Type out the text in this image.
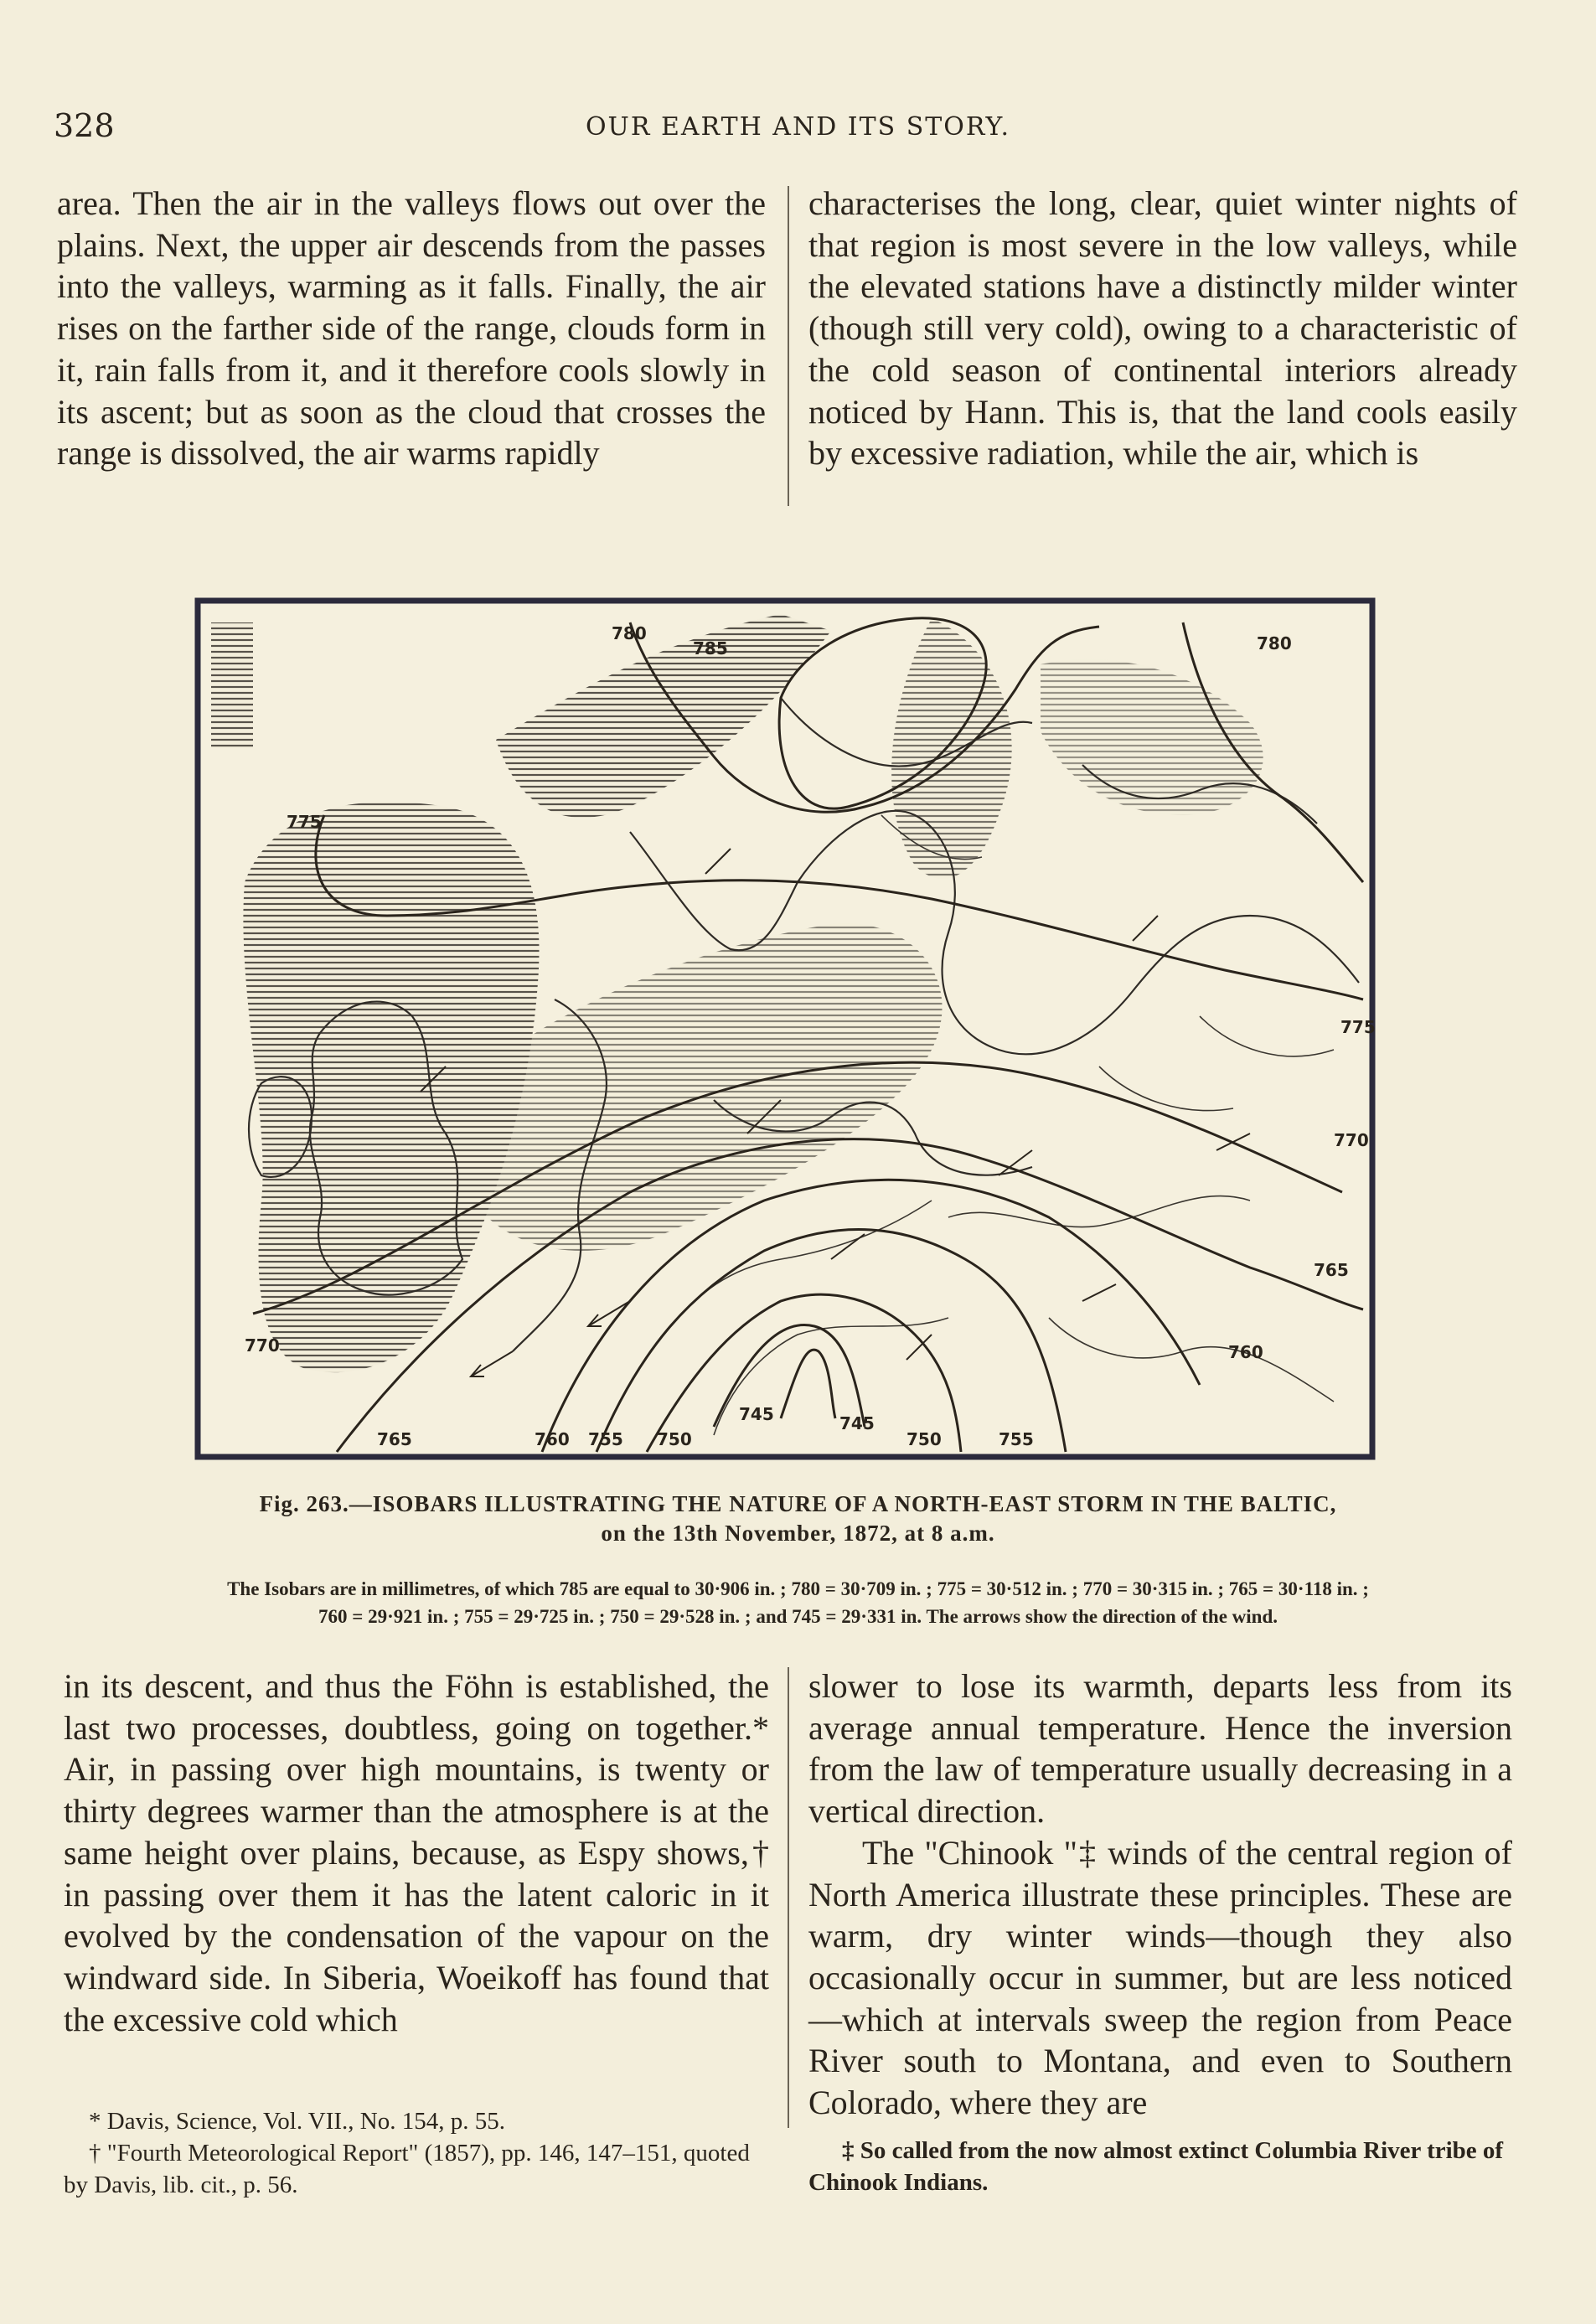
328	OUR EARTH AND ITS STORY.

area. Then the air in the valleys flows out over the plains. Next, the upper air descends from the passes into the valleys, warming as it falls. Finally, the air rises on the farther side of the range, clouds form in it, rain falls from it, and it therefore cools slowly in its ascent; but as soon as the cloud that crosses the range is dissolved, the air warms rapidly

characterises the long, clear, quiet winter nights of that region is most severe in the low valleys, while the elevated stations have a distinctly milder winter (though still very cold), owing to a characteristic of the cold season of continental interiors already noticed by Hann. This is, that the land cools easily by excessive radiation, while the air, which is

780
785	780
775
775
770
770
765
760
765	760 755 750
745	745
750	755
Fig. 263.—ISOBARS ILLUSTRATING THE NATURE OF A NORTH-EAST STORM IN THE BALTIC,
on the 13th November, 1872, at 8 a.m.
The Isobars are in millimetres, of which 785 are equal to 30·906 in. ; 780 = 30·709 in. ; 775 = 30·512 in. ; 770 = 30·315 in. ; 765 = 30·118 in. ;
760 = 29·921 in. ; 755 = 29·725 in. ; 750 = 29·528 in. ; and 745 = 29·331 in. The arrows show the direction of the wind.

in its descent, and thus the Föhn is established, the last two processes, doubtless, going on together.* Air, in passing over high mountains, is twenty or thirty degrees warmer than the atmosphere is at the same height over plains, because, as Espy shows,† in passing over them it has the latent caloric in it evolved by the condensation of the vapour on the windward side. In Siberia, Woeikoff has found that the excessive cold which

slower to lose its warmth, departs less from its average annual temperature. Hence the inversion from the law of temperature usually decreasing in a vertical direction.

The "Chinook "‡ winds of the central region of North America illustrate these principles. These are warm, dry winter winds—though they also occasionally occur in summer, but are less noticed—which at intervals sweep the region from Peace River south to Montana, and even to Southern Colorado, where they are

* Davis, Science, Vol. VII., No. 154, p. 55.

† "Fourth Meteorological Report" (1857), pp. 146, 147–151, quoted by Davis, lib. cit., p. 56.

‡ So called from the now almost extinct Columbia River tribe of Chinook Indians.
